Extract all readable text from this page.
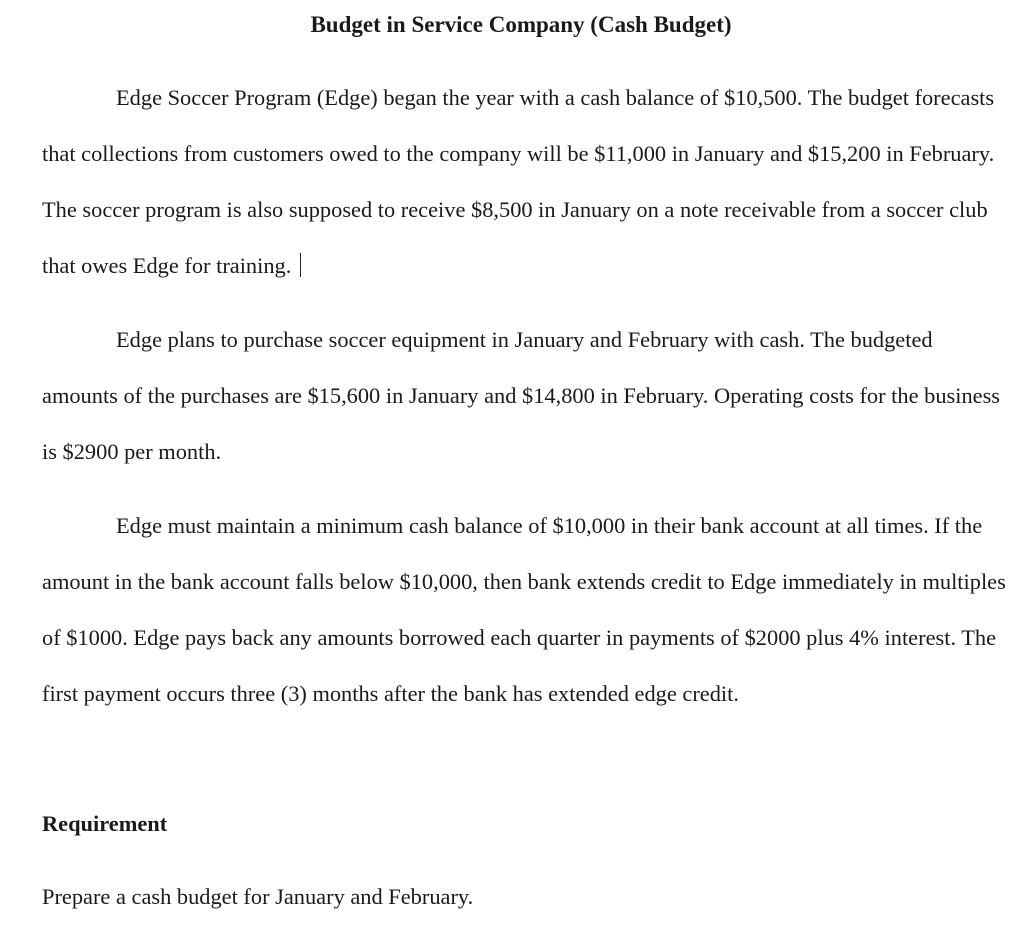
Budget in Service Company (Cash Budget)

Edge Soccer Program (Edge) began the year with a cash balance of $10,500. The budget forecasts that collections from customers owed to the company will be $11,000 in January and $15,200 in February. The soccer program is also supposed to receive $8,500 in January on a note receivable from a soccer club that owes Edge for training.

Edge plans to purchase soccer equipment in January and February with cash. The budgeted amounts of the purchases are $15,600 in January and $14,800 in February. Operating costs for the business is $2900 per month.

Edge must maintain a minimum cash balance of $10,000 in their bank account at all times. If the amount in the bank account falls below $10,000, then bank extends credit to Edge immediately in multiples of $1000. Edge pays back any amounts borrowed each quarter in payments of $2000 plus 4% interest. The first payment occurs three (3) months after the bank has extended edge credit.

Requirement
Prepare a cash budget for January and February.
